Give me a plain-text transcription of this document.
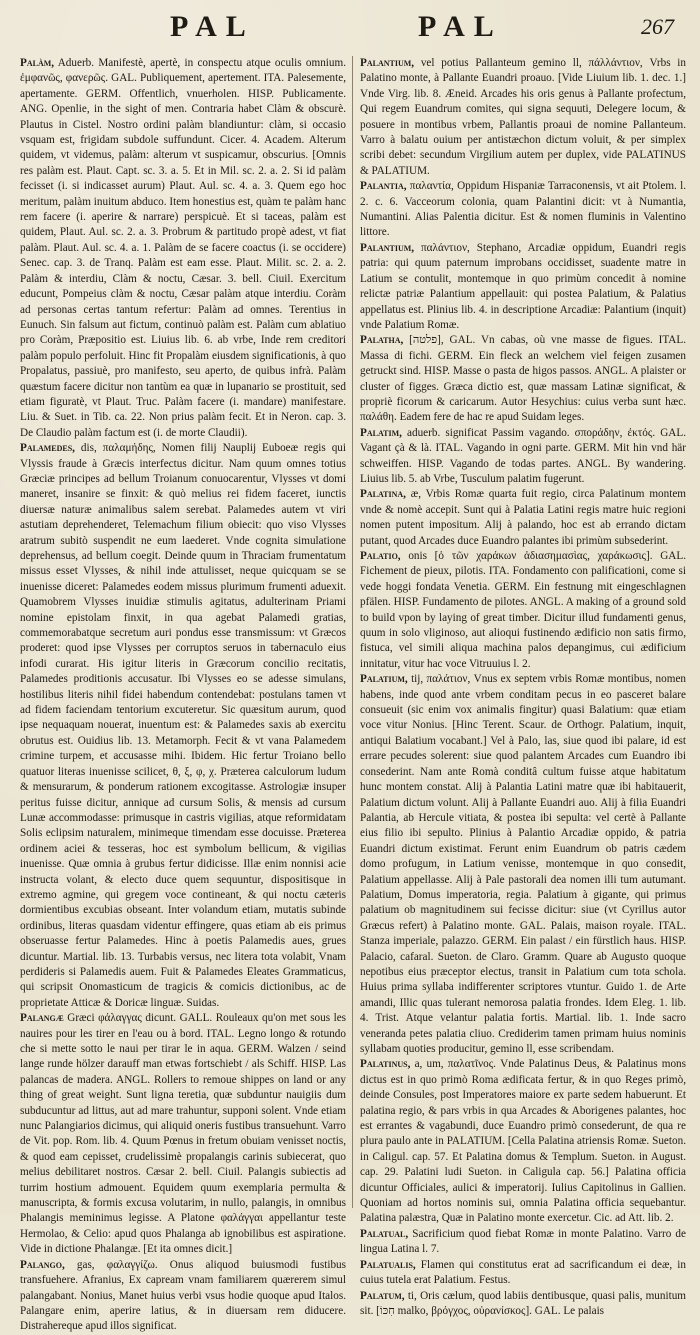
PAL	PAL	267

Palàm, Aduerb. Manifestè, apertè, in conspectu atque oculis omnium. ἐμφανῶς, φανερῶς. GAL. Publiquement, apertement. ITA. Palesemente, apertamente. GERM. Offentlich, vnuerholen. HISP. Publicamente. ANG. Openlie, in the sight of men. Contraria habet Clàm & obscurè. Plautus in Cistel. Nostro ordini palàm blandiuntur: clàm, si occasio vsquam est, frigidam subdole suffundunt. Cicer. 4. Academ. Alterum quidem, vt videmus, palàm: alterum vt suspicamur, obscurius. [Omnis res palàm est. Plaut. Capt. sc. 3. a. 5. Et in Mil. sc. 2. a. 2. Si id palàm fecisset (i. si indicasset aurum) Plaut. Aul. sc. 4. a. 3. Quem ego hoc meritum, palàm inuitum abduco. Item honestius est, quàm te palàm hanc rem facere (i. aperire & narrare) perspicuè. Et si taceas, palàm est quidem, Plaut. Aul. sc. 2. a. 3. Probrum & partitudo propè adest, vt fiat palàm. Plaut. Aul. sc. 4. a. 1. Palàm de se facere coactus (i. se occidere) Senec. cap. 3. de Tranq. Palàm est eam esse. Plaut. Milit. sc. 2. a. 2. Palàm & interdiu, Clàm & noctu, Cæsar. 3. bell. Ciuil. Exercitum educunt, Pompeius clàm & noctu, Cæsar palàm atque interdiu. Coràm ad personas certas tantum refertur: Palàm ad omnes. Terentius in Eunuch. Sin falsum aut fictum, continuò palàm est. Palàm cum ablatiuo pro Coràm, Præpositio est. Liuius lib. 6. ab vrbe, Inde rem creditori palàm populo perfoluit. Hinc fit Propalàm eiusdem significationis, à quo Propalatus, passiuè, pro manifesto, seu aperto, de quibus infrà. Palàm quæstum facere dicitur non tantùm ea quæ in lupanario se prostituit, sed etiam figuratè, vt Plaut. Truc. Palàm facere (i. mandare) manifestare. Liu. & Suet. in Tib. ca. 22. Non prius palàm fecit. Et in Neron. cap. 3. De Claudio palàm factum est (i. de morte Claudii).

Palamedes, dis, παλαμήδης, Nomen filij Nauplij Euboeæ regis qui Vlyssis fraude à Græcis interfectus dicitur. Nam quum omnes totius Græciæ principes ad bellum Troianum conuocarentur, Vlysses vt domi maneret, insanire se finxit: & quò melius rei fidem faceret, iunctis diuersæ naturæ animalibus salem serebat. Palamedes autem vt viri astutiam deprehenderet, Telemachum filium obiecit: quo viso Vlysses aratrum subitò suspendit ne eum laederet. Vnde cognita simulatione deprehensus, ad bellum coegit. Deinde quum in Thraciam frumentatum missus esset Vlysses, & nihil inde attulisset, neque quicquam se se inuenisse diceret: Palamedes eodem missus plurimum frumenti aduexit. Quamobrem Vlysses inuidiæ stimulis agitatus, adulterinam Priami nomine epistolam finxit, in qua agebat Palamedi gratias, commemorabatque secretum auri pondus esse transmissum: vt Græcos proderet: quod ipse Vlysses per corruptos seruos in tabernaculo eius infodi curarat. His igitur literis in Græcorum concilio recitatis, Palamedes proditionis accusatur. Ibi Vlysses eo se adesse simulans, hostilibus literis nihil fidei habendum contendebat: postulans tamen vt ad fidem faciendam tentorium excuteretur. Sic quæsitum aurum, quod ipse nequaquam nouerat, inuentum est: & Palamedes saxis ab exercitu obrutus est. Ouidius lib. 13. Metamorph. Fecit & vt vana Palamedem crimine turpem, et accusasse mihi. Ibidem. Hic fertur Troiano bello quatuor literas inuenisse scilicet, θ, ξ, φ, χ. Præterea calculorum ludum & mensurarum, & ponderum rationem excogitasse. Astrologiæ insuper peritus fuisse dicitur, annique ad cursum Solis, & mensis ad cursum Lunæ accommodasse: primusque in castris vigilias, atque reformidatam Solis eclipsim naturalem, minimeque timendam esse docuisse. Præterea ordinem aciei & tesseras, hoc est symbolum bellicum, & vigilias inuenisse. Quæ omnia à grubus fertur didicisse. Illæ enim nonnisi acie instructa volant, & electo duce quem sequuntur, dispositisque in extremo agmine, qui gregem voce contineant, & qui noctu cæteris dormientibus excubias obseant. Inter volandum etiam, mutatis subinde ordinibus, literas quasdam videntur effingere, quas etiam ab eis primus obseruasse fertur Palamedes. Hinc à poetis Palamedis aues, grues dicuntur. Martial. lib. 13. Turbabis versus, nec litera tota volabit, Vnam perdideris si Palamedis auem. Fuit & Palamedes Eleates Grammaticus, qui scripsit Onomasticum de tragicis & comicis dictionibus, ac de proprietate Atticæ & Doricæ linguæ. Suidas.

Palangæ Græci φάλαγγας dicunt. GALL. Rouleaux qu'on met sous les nauires pour les tirer en l'eau ou à bord. ITAL. Legno longo & rotundo che si mette sotto le naui per tirar le in aqua. GERM. Walzen / seind lange runde hölzer darauff man etwas fortschiebt / als Schiff. HISP. Las palancas de madera. ANGL. Rollers to remoue shippes on land or any thing of great weight. Sunt ligna teretia, quæ subduntur nauigiis dum subducuntur ad littus, aut ad mare trahuntur, supponi solent. Vnde etiam nunc Palangiarios dicimus, qui aliquid oneris fustibus transuehunt. Varro de Vit. pop. Rom. lib. 4. Quum Pœnus in fretum obuiam venisset noctis, & quod eam cepisset, crudelissimè propalangis carinis subiecerat, quo melius debilitaret nostros. Cæsar 2. bell. Ciuil. Palangis subiectis ad turrim hostium admouent. Equidem quum exemplaria permulta & manuscripta, & formis excusa volutarim, in nullo, palangis, in omnibus Phalangis meminimus legisse. A Platone φαλάγγαι appellantur teste Hermolao, & Celio: apud quos Phalanga ab ignobilibus est aspiratione. Vide in dictione Phalangæ. [Et ita omnes dicit.]

Palango, gas, φαλαγγίζω. Onus aliquod buiusmodi fustibus transfuehere. Afranius, Ex capream vnam familiarem quærerem simul palangabant. Nonius, Manet huius verbi vsus hodie quoque apud Italos. Palangare enim, aperire latius, & in diuersam rem diducere. Distrahereque apud illos significat.

Palantium, vel potius Pallanteum gemino ll, πάλλάντιον, Vrbs in Palatino monte, à Pallante Euandri proauo. [Vide Liuium lib. 1. dec. 1.] Vnde Virg. lib. 8. Æneid. Arcades his oris genus à Pallante profectum, Qui regem Euandrum comites, qui signa sequuti, Delegere locum, & posuere in montibus vrbem, Pallantis proaui de nomine Pallanteum. Varro à balatu ouium per antistæchon dictum voluit, & per simplex scribi debet: secundum Virgilium autem per duplex, vide PALATINUS & PALATIUM.

Palantia, παλαντία, Oppidum Hispaniæ Tarraconensis, vt ait Ptolem. l. 2. c. 6. Vacceorum colonia, quam Palantini dicit: vt à Numantia, Numantini. Alias Palentia dicitur. Est & nomen fluminis in Valentino littore.

Palantium, παλάντιον, Stephano, Arcadiæ oppidum, Euandri regis patria: qui quum paternum improbans occidisset, suadente matre in Latium se contulit, montemque in quo primùm concedit à nomine relictæ patriæ Palantium appellauit: qui postea Palatium, & Palatius appellatus est. Plinius lib. 4. in descriptione Arcadiæ: Palantium (inquit) vnde Palatium Romæ.

Palatha, [פלטה], GAL. Vn cabas, où vne masse de figues. ITAL. Massa di fichi. GERM. Ein fleck an welchem viel feigen zusamen getruckt sind. HISP. Masse o pasta de higos passos. ANGL. A plaister or cluster of figges. Græca dictio est, quæ massam Latinæ significat, & propriè ficorum & caricarum. Autor Hesychius: cuius verba sunt hæc. παλάθη. Eadem fere de hac re apud Suidam leges.

Palatim, aduerb. significat Passim vagando. σποράδην, ἐκτός. GAL. Vagant çà & là. ITAL. Vagando in ogni parte. GERM. Mit hin vnd här schweiffen. HISP. Vagando de todas partes. ANGL. By wandering. Liuius lib. 5. ab Vrbe, Tusculum palatim fugerunt.

Palatina, æ, Vrbis Romæ quarta fuit regio, circa Palatinum montem vnde & nomè accepit. Sunt qui à Palatia Latini regis matre huic regioni nomen putent impositum. Alij à palando, hoc est ab errando dictam putant, quod Arcades duce Euandro palantes ibi primùm subsederint.

Palatio, onis [ὀ τῶν χαράκων ἀδιασημασὶας, χαράκωσις]. GAL. Fichement de pieux, pilotis. ITA. Fondamento con palificationi, come si vede hoggi fondata Venetia. GERM. Ein festnung mit eingeschlagnen pfälen. HISP. Fundamento de pilotes. ANGL. A making of a ground sold to build vpon by laying of great timber. Dicitur illud fundamenti genus, quum in solo vliginoso, aut alioqui fustinendo ædificio non satis firmo, fistuca, vel simili aliqua machina palos depangimus, cui ædificium innitatur, vitur hac voce Vitruuius l. 2.

Palatium, tij, παλάτιον, Vnus ex septem vrbis Romæ montibus, nomen habens, inde quod ante vrbem conditam pecus in eo pasceret balare consueuit (sic enim vox animalis fingitur) quasi Balatium: quæ etiam voce vitur Nonius. [Hinc Terent. Scaur. de Orthogr. Palatium, inquit, antiqui Balatium vocabant.] Vel à Palo, las, siue quod ibi palare, id est errare pecudes solerent: siue quod palantem Arcades cum Euandro ibi consederint. Nam ante Romà conditâ cultum fuisse atque habitatum hunc montem constat. Alij à Palantia Latini matre quæ ibi habitauerit, Palatium dictum volunt. Alij à Pallante Euandri auo. Alij à filia Euandri Palantia, ab Hercule vitiata, & postea ibi sepulta: vel certè à Pallante eius filio ibi sepulto. Plinius à Palantio Arcadiæ oppido, & patria Euandri dictum existimat. Ferunt enim Euandrum ob patris cædem domo profugum, in Latium venisse, montemque in quo consedit, Palatium appellasse. Alij à Pale pastorali dea nomen illi tum autumant. Palatium, Domus imperatoria, regia. Palatium à gigante, qui primus palatium ob magnitudinem sui fecisse dicitur: siue (vt Cyrillus autor Græcus refert) à Palatino monte. GAL. Palais, maison royale. ITAL. Stanza imperiale, palazzo. GERM. Ein palast / ein fürstlich haus. HISP. Palacio, cafaral. Sueton. de Claro. Gramm. Quare ab Augusto quoque nepotibus eius præceptor electus, transit in Palatium cum tota schola. Huius prima syllaba indifferenter scriptores vtuntur. Guido 1. de Arte amandi, Illic quas tulerant nemorosa palatia frondes. Idem Eleg. 1. lib. 4. Trist. Atque velantur palatia fortis. Martial. lib. 1. Inde sacro veneranda petes palatia cliuo. Crediderim tamen primam huius nominis syllabam quoties producitur, gemino ll, esse scribendam.

Palatinus, a, um, παλατῖνος. Vnde Palatinus Deus, & Palatinus mons dictus est in quo primò Roma ædificata fertur, & in quo Reges primò, deinde Consules, post Imperatores maiore ex parte sedem habuerunt. Et palatina regio, & pars vrbis in qua Arcades & Aborigenes palantes, hoc est errantes & vagabundi, duce Euandro primò consederunt, de qua re plura paulo ante in PALATIUM. [Cella Palatina atriensis Romæ. Sueton. in Caligul. cap. 57. Et Palatina domus & Templum. Sueton. in August. cap. 29. Palatini ludi Sueton. in Caligula cap. 56.] Palatina officia dicuntur Officiales, aulici & imperatorij. Iulius Capitolinus in Gallien. Quoniam ad hortos nominis sui, omnia Palatina officia sequebantur. Palatina palæstra, Quæ in Palatino monte exercetur. Cic. ad Att. lib. 2.

Palatual, Sacrificium quod fiebat Romæ in monte Palatino. Varro de lingua Latina l. 7.

Palatualis, Flamen qui constitutus erat ad sacrificandum ei deæ, in cuius tutela erat Palatium. Festus.

Palatum, ti, Oris cælum, quod labiis dentibusque, quasi palis, munitum sit. [חִכּוֹ malko, βρόγχος, οὐρανίσκος]. GAL. Le palais
